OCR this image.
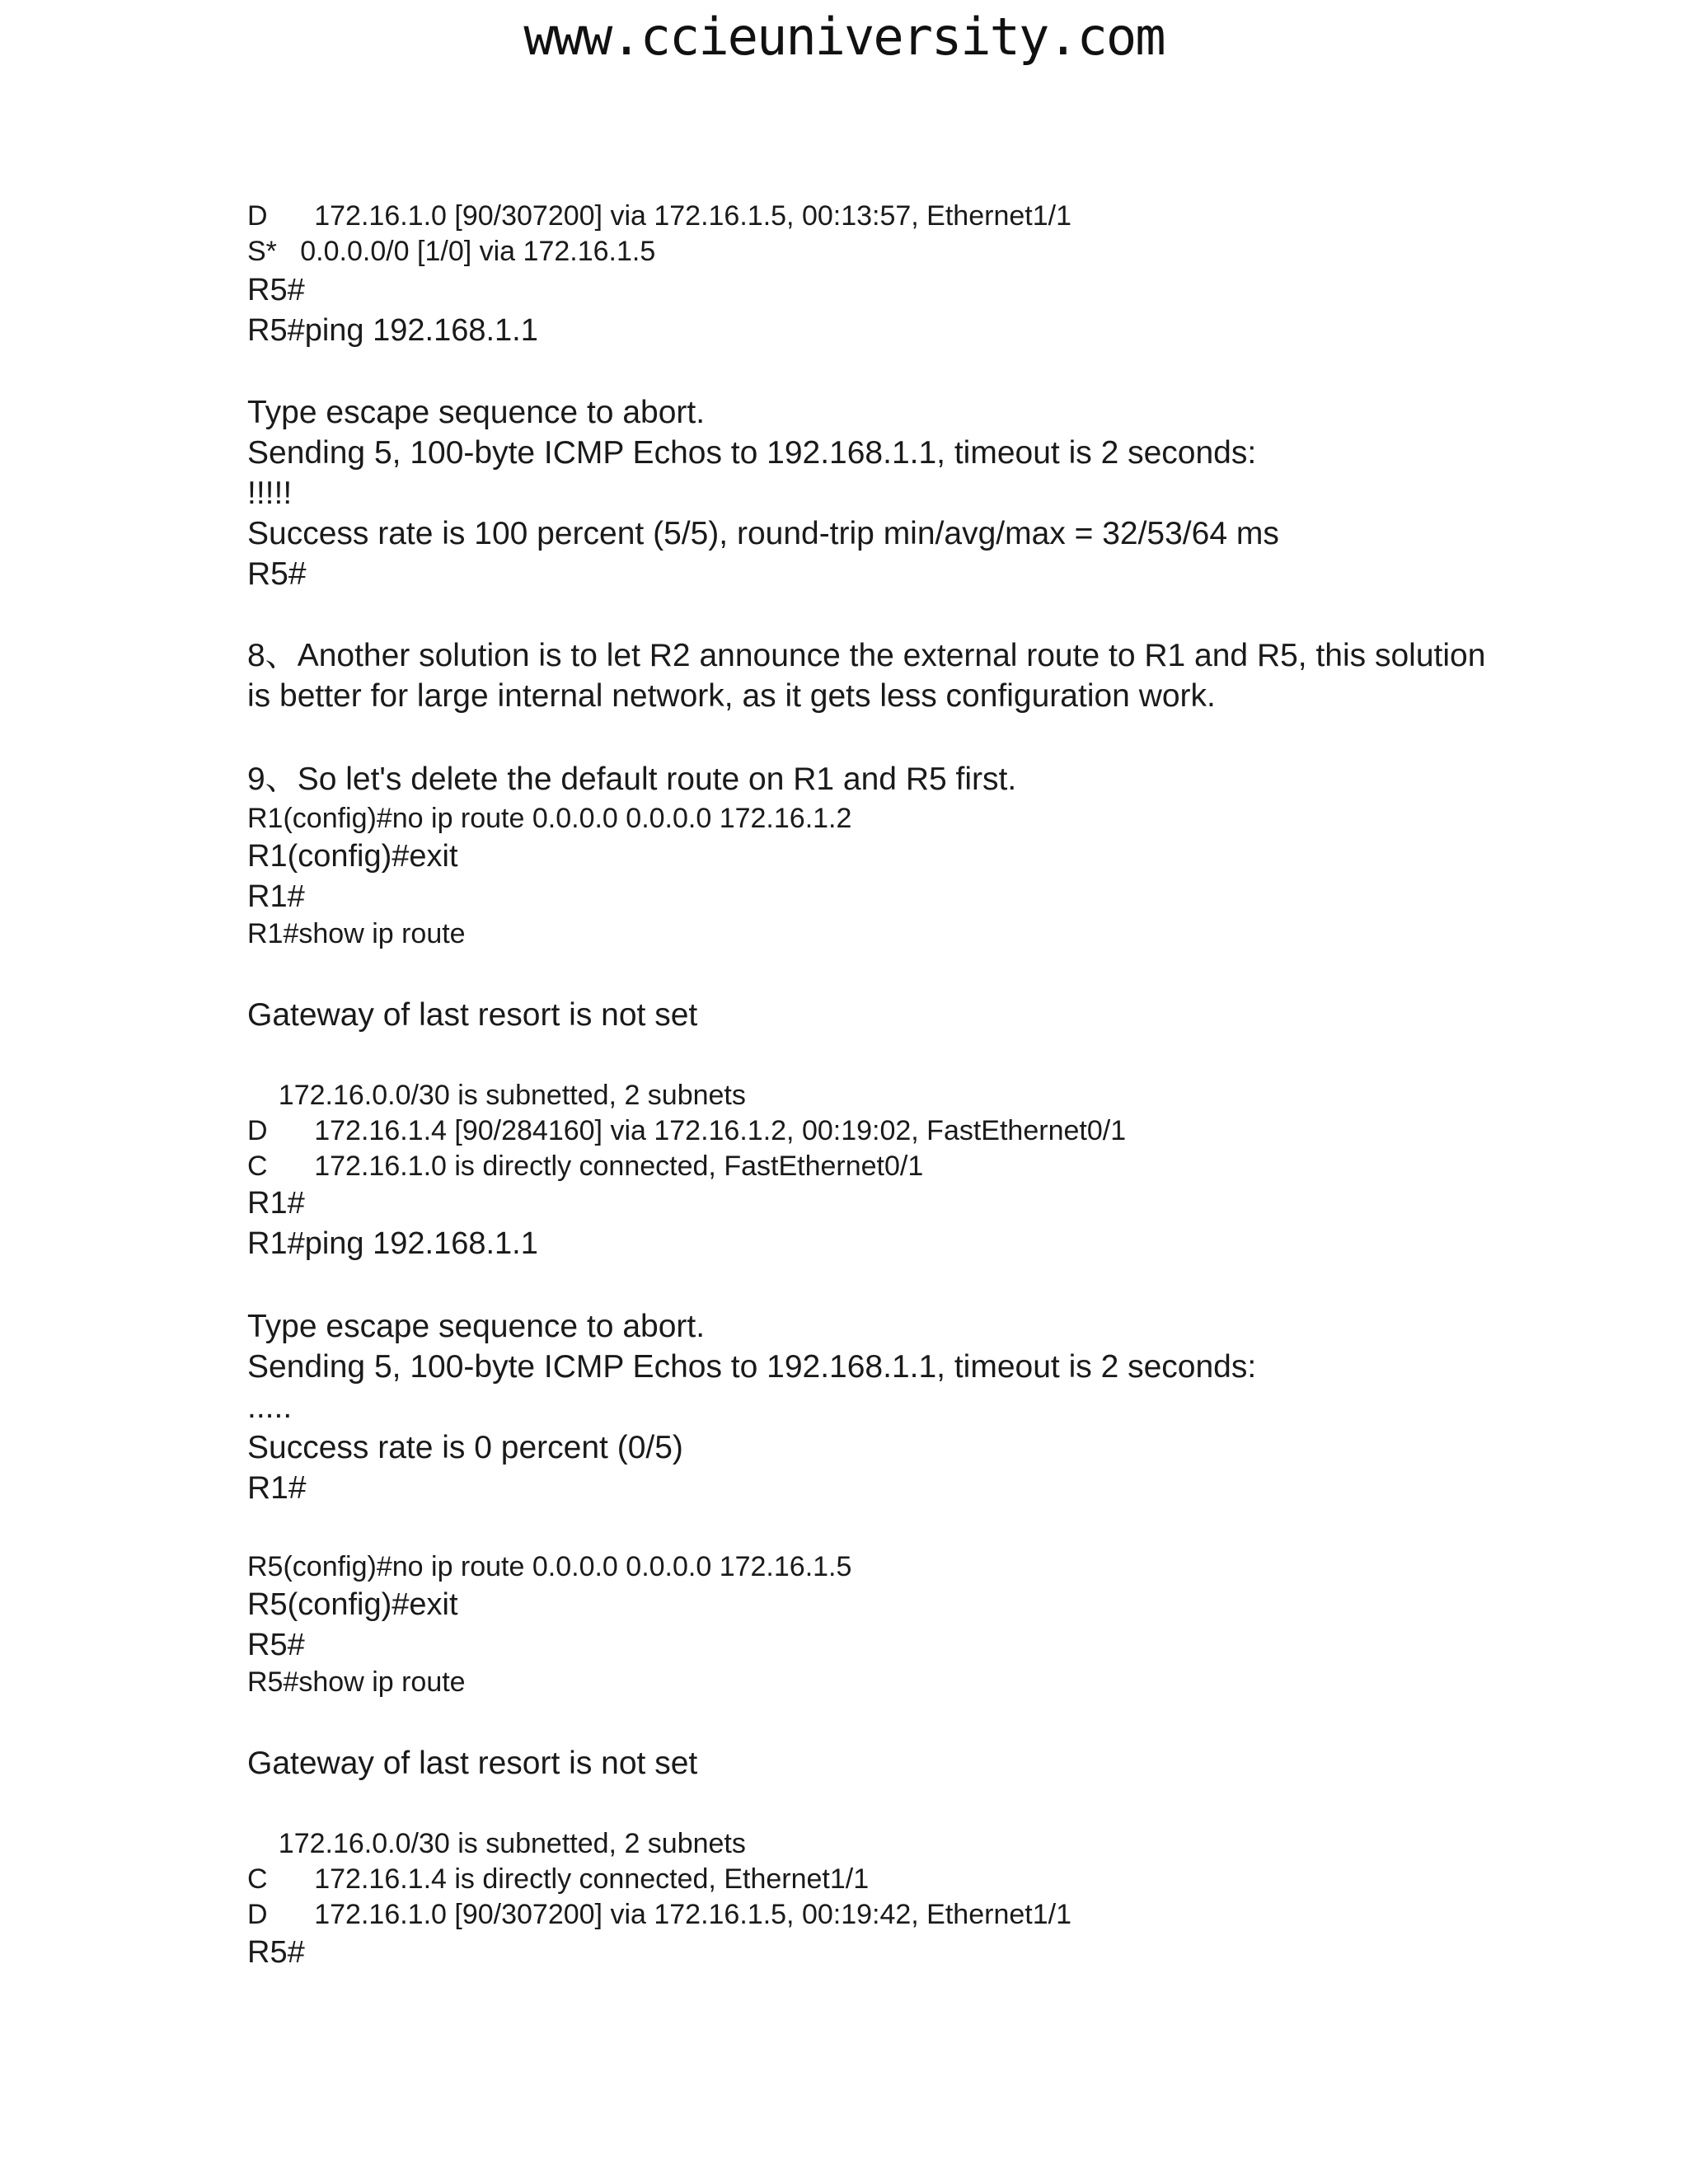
www.ccieuniversity.com
D      172.16.1.0 [90/307200] via 172.16.1.5, 00:13:57, Ethernet1/1
S*   0.0.0.0/0 [1/0] via 172.16.1.5
R5#
R5#ping 192.168.1.1
Type escape sequence to abort.
Sending 5, 100-byte ICMP Echos to 192.168.1.1, timeout is 2 seconds:
!!!!!
Success rate is 100 percent (5/5), round-trip min/avg/max = 32/53/64 ms
R5#
8、Another solution is to let R2 announce the external route to R1 and R5, this solution
is better for large internal network, as it gets less configuration work.
9、So let's delete the default route on R1 and R5 first.
R1(config)#no ip route 0.0.0.0 0.0.0.0 172.16.1.2
R1(config)#exit
R1#
R1#show ip route
Gateway of last resort is not set
172.16.0.0/30 is subnetted, 2 subnets
D      172.16.1.4 [90/284160] via 172.16.1.2, 00:19:02, FastEthernet0/1
C      172.16.1.0 is directly connected, FastEthernet0/1
R1#
R1#ping 192.168.1.1
Type escape sequence to abort.
Sending 5, 100-byte ICMP Echos to 192.168.1.1, timeout is 2 seconds:
.....
Success rate is 0 percent (0/5)
R1#
R5(config)#no ip route 0.0.0.0 0.0.0.0 172.16.1.5
R5(config)#exit
R5#
R5#show ip route
Gateway of last resort is not set
172.16.0.0/30 is subnetted, 2 subnets
C      172.16.1.4 is directly connected, Ethernet1/1
D      172.16.1.0 [90/307200] via 172.16.1.5, 00:19:42, Ethernet1/1
R5#
